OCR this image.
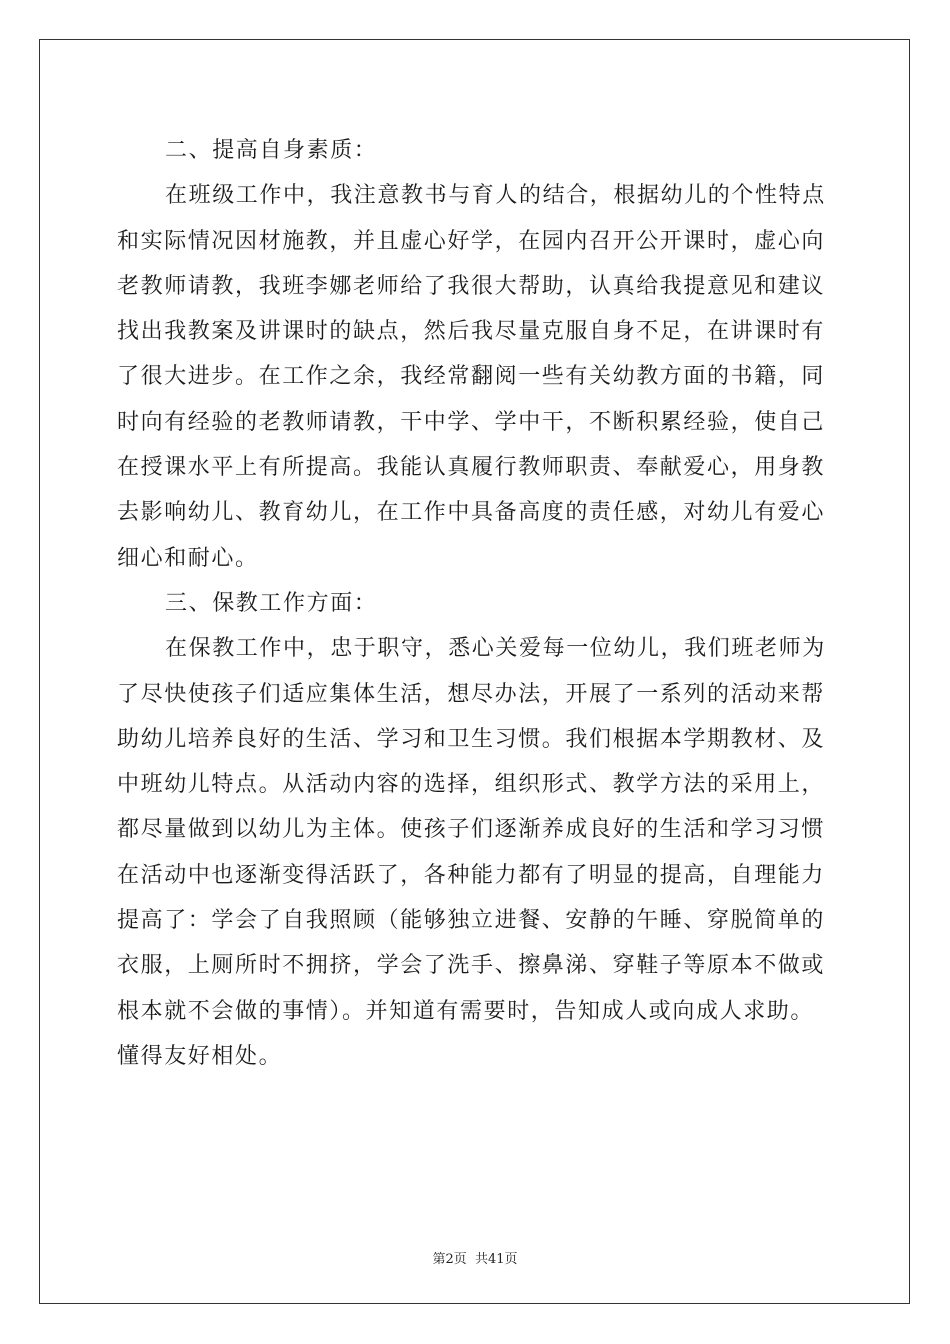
二、提高自身素质：
在班级工作中，我注意教书与育人的结合，根据幼儿的个性特点
和实际情况因材施教，并且虚心好学，在园内召开公开课时，虚心向
老教师请教，我班李娜老师给了我很大帮助，认真给我提意见和建议
找出我教案及讲课时的缺点，然后我尽量克服自身不足，在讲课时有
了很大进步。在工作之余，我经常翻阅一些有关幼教方面的书籍，同
时向有经验的老教师请教，干中学、学中干，不断积累经验，使自己
在授课水平上有所提高。我能认真履行教师职责、奉献爱心，用身教
去影响幼儿、教育幼儿，在工作中具备高度的责任感，对幼儿有爱心
细心和耐心。
三、保教工作方面：
在保教工作中，忠于职守，悉心关爱每一位幼儿，我们班老师为
了尽快使孩子们适应集体生活，想尽办法，开展了一系列的活动来帮
助幼儿培养良好的生活、学习和卫生习惯。我们根据本学期教材、及
中班幼儿特点。从活动内容的选择，组织形式、教学方法的采用上，
都尽量做到以幼儿为主体。使孩子们逐渐养成良好的生活和学习习惯
在活动中也逐渐变得活跃了，各种能力都有了明显的提高，自理能力
提高了：学会了自我照顾（能够独立进餐、安静的午睡、穿脱简单的
衣服，上厕所时不拥挤，学会了洗手、擦鼻涕、穿鞋子等原本不做或
根本就不会做的事情）。并知道有需要时，告知成人或向成人求助。
懂得友好相处。
第2页 共41页
